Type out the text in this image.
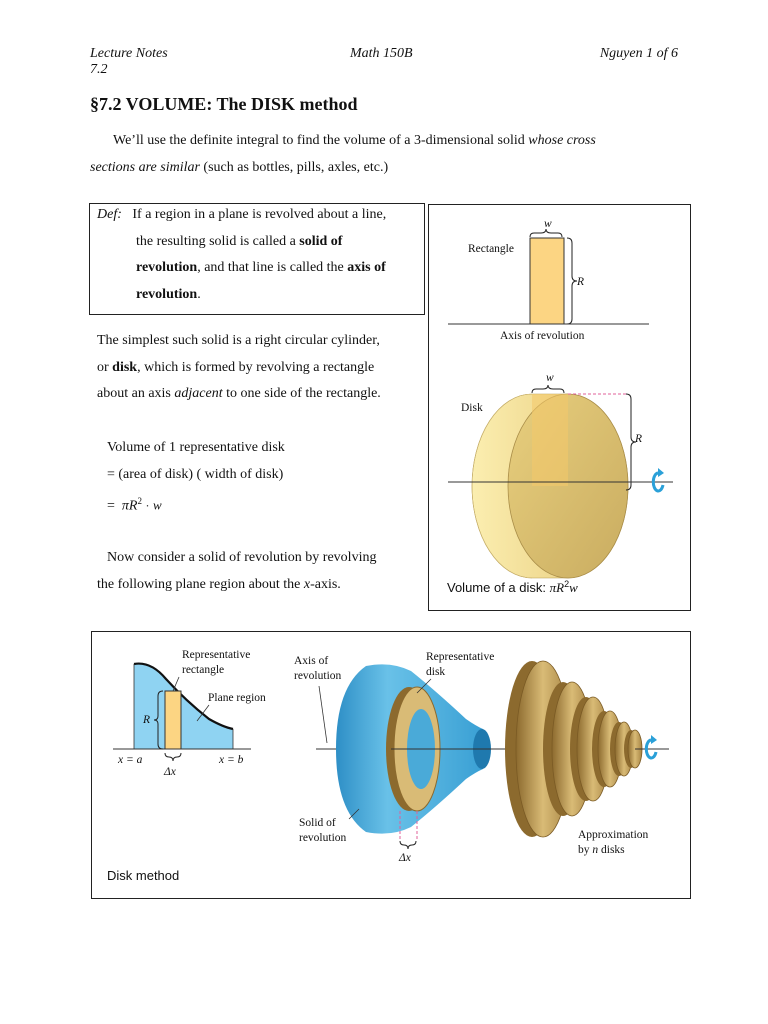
Lecture Notes
7.2
Math 150B	Nguyen 1 of 6
§7.2 VOLUME: The DISK method
We’ll use the definite integral to find the volume of a 3-dimensional solid whose cross
sections are similar (such as bottles, pills, axles, etc.)
Def: If a region in a plane is revolved about a line,
the resulting solid is called a solid of
revolution, and that line is called the axis of
revolution.
The simplest such solid is a right circular cylinder,
or disk, which is formed by revolving a rectangle
about an axis adjacent to one side of the rectangle.
Volume of 1 representative disk
= (area of disk) ( width of disk)
= $\pi R^2 \cdot w$
Now consider a solid of revolution by revolving
the following plane region about the x-axis.
w
Rectangle
R
Axis of revolution
w
Disk
R
Volume of a disk: $\pi R^2w$
R
Δx
x = a	x = b
Representative
rectangle
Plane region
Δx
Axis of
revolution
Representative
disk
Solid of
revolution	Approximation
by n disks
Disk method
